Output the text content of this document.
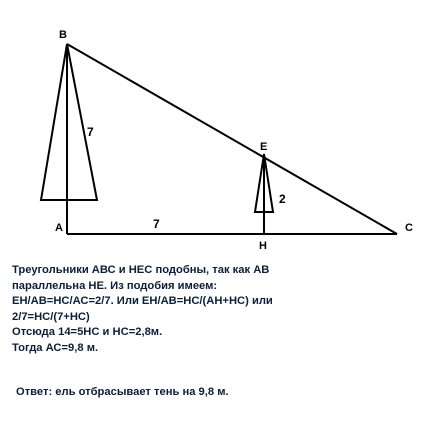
B
A	C
E
H
7
7
2
Треугольники АВС и НЕС подобны, так как АВ
параллельна НЕ. Из подобия имеем:
ЕН/АВ=НС/АС=2/7. Или ЕН/АВ=НС/(АН+НС) или
2/7=НС/(7+НС)
Отсюда 14=5НС и НС=2,8м.
Тогда АС=9,8 м.
Ответ: ель отбрасывает тень на 9,8 м.
